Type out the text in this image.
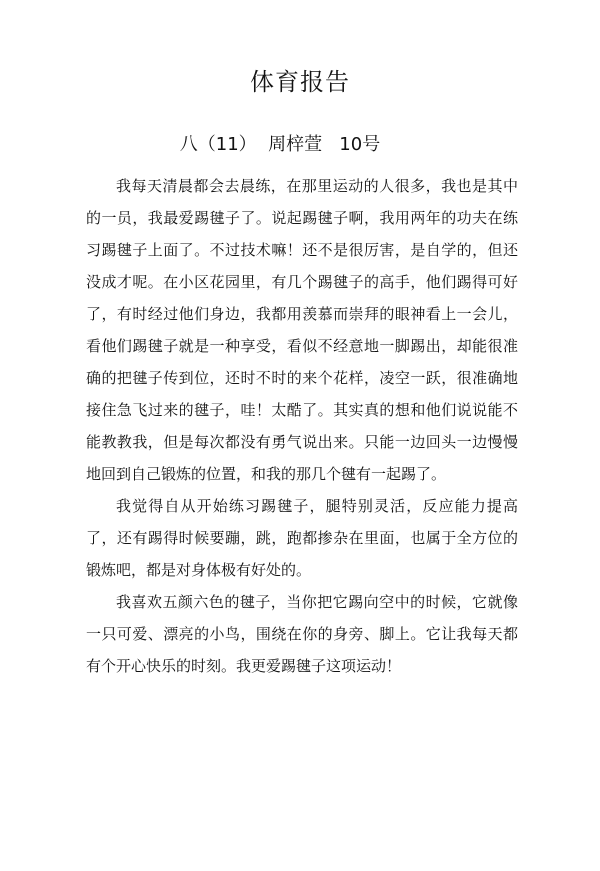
体育报告
八（11）  周梓萱   10号

我每天清晨都会去晨练，在那里运动的人很多，我也是其中的一员，我最爱踢毽子了。说起踢毽子啊，我用两年的功夫在练习踢毽子上面了。不过技术嘛！还不是很厉害，是自学的，但还没成才呢。在小区花园里，有几个踢毽子的高手，他们踢得可好了，有时经过他们身边，我都用羡慕而崇拜的眼神看上一会儿，看他们踢毽子就是一种享受，看似不经意地一脚踢出，却能很准确的把毽子传到位，还时不时的来个花样，凌空一跃，很准确地接住急飞过来的毽子，哇！太酷了。其实真的想和他们说说能不能教教我，但是每次都没有勇气说出来。只能一边回头一边慢慢地回到自己锻炼的位置，和我的那几个毽有一起踢了。

我觉得自从开始练习踢毽子，腿特别灵活，反应能力提高了，还有踢得时候要蹦，跳，跑都掺杂在里面，也属于全方位的锻炼吧，都是对身体极有好处的。

我喜欢五颜六色的毽子，当你把它踢向空中的时候，它就像一只可爱、漂亮的小鸟，围绕在你的身旁、脚上。它让我每天都有个开心快乐的时刻。我更爱踢毽子这项运动！
